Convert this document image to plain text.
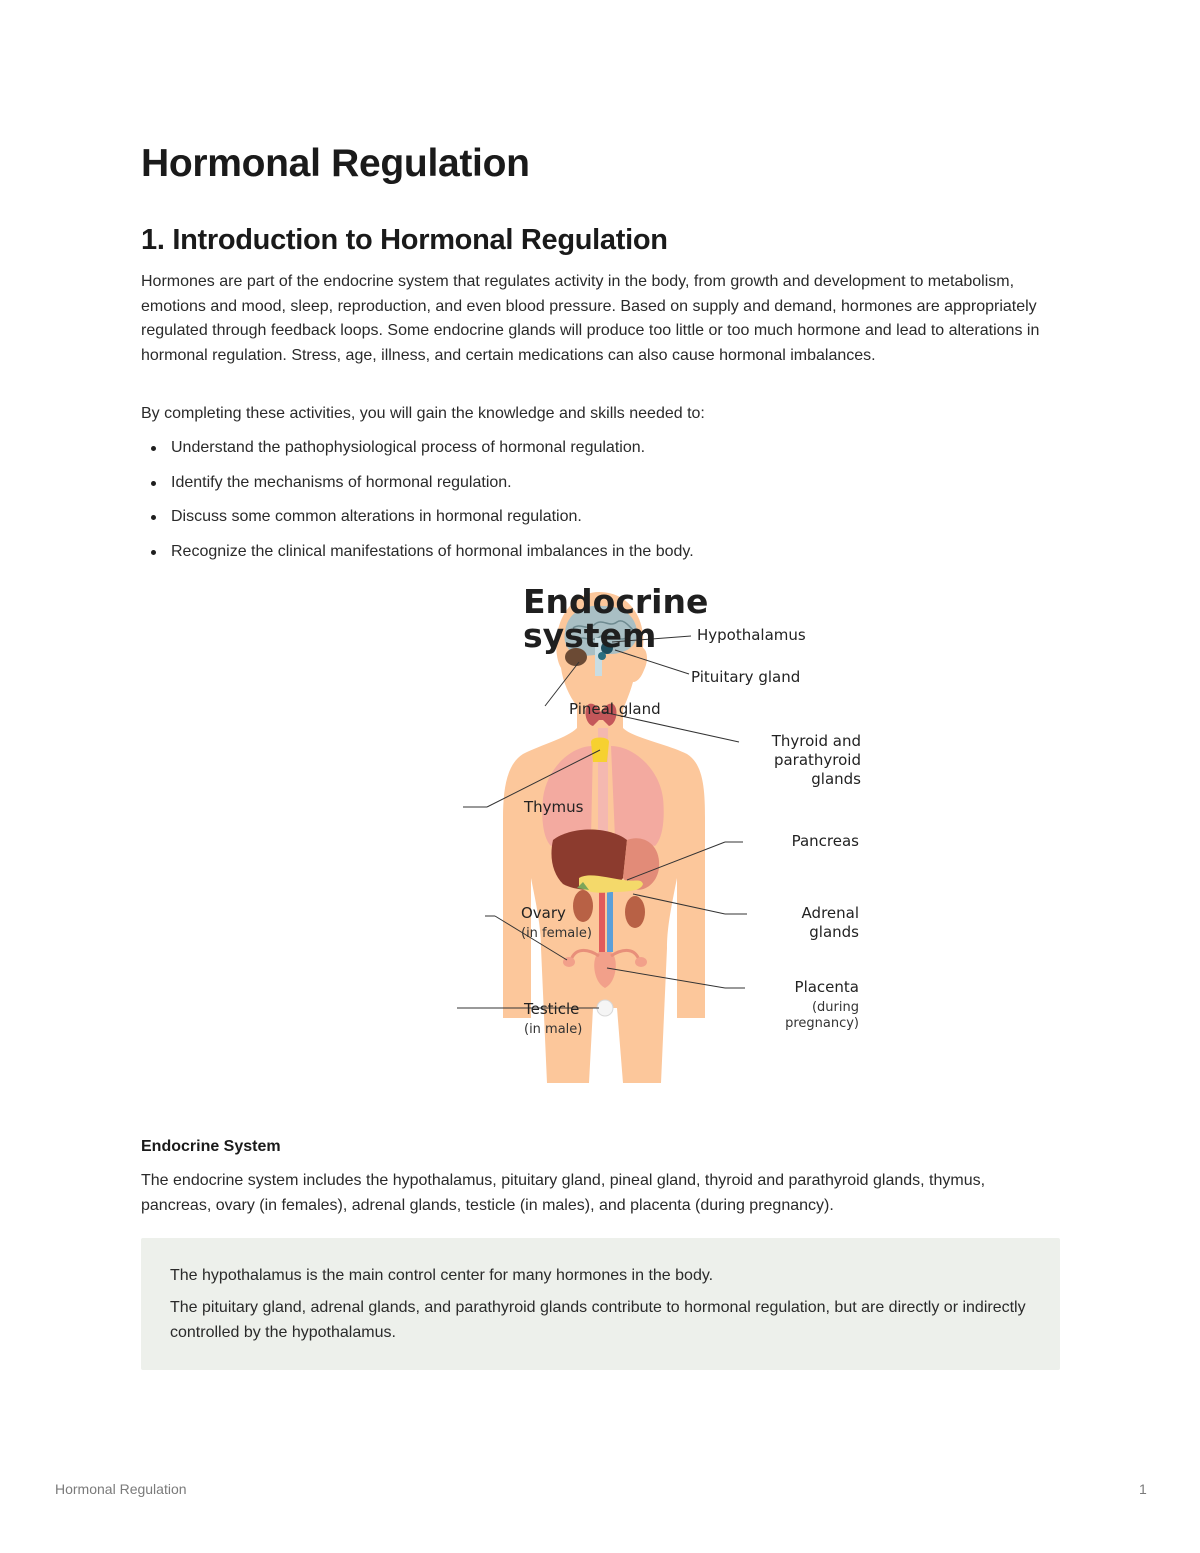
Hormonal Regulation
1. Introduction to Hormonal Regulation

Hormones are part of the endocrine system that regulates activity in the body, from growth and development to metabolism, emotions and mood, sleep, reproduction, and even blood pressure. Based on supply and demand, hormones are appropriately regulated through feedback loops. Some endocrine glands will produce too little or too much hormone and lead to alterations in hormonal regulation. Stress, age, illness, and certain medications can also cause hormonal imbalances.

By completing these activities, you will gain the knowledge and skills needed to:

Understand the pathophysiological process of hormonal regulation.
Identify the mechanisms of hormonal regulation.
Discuss some common alterations in hormonal regulation.
Recognize the clinical manifestations of hormonal imbalances in the body.
Endocrine
system	Hypothalamus
Pituitary gland
Pineal gland
Thyroid and
parathyroid
glands
Thymus
Pancreas
Ovary
(in female)
Adrenal
glands
Placenta
(during
pregnancy)
Testicle
(in male)

Endocrine System

The endocrine system includes the hypothalamus, pituitary gland, pineal gland, thyroid and parathyroid glands, thymus, pancreas, ovary (in females), adrenal glands, testicle (in males), and placenta (during pregnancy).

The hypothalamus is the main control center for many hormones in the body.

The pituitary gland, adrenal glands, and parathyroid glands contribute to hormonal regulation, but are directly or indirectly controlled by the hypothalamus.

Hormonal Regulation	1
